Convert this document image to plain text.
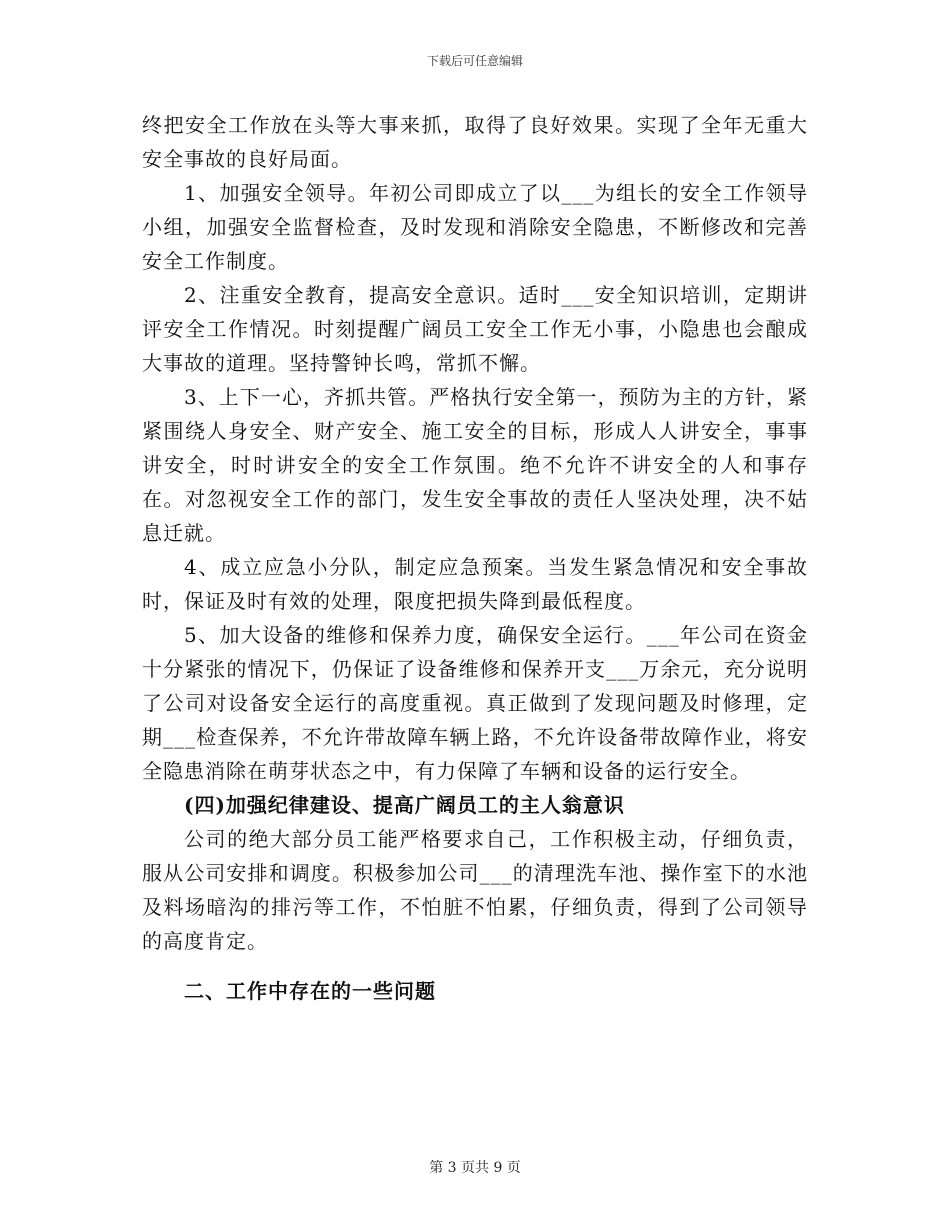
下载后可任意编辑

终把安全工作放在头等大事来抓，取得了良好效果。实现了全年无重大安全事故的良好局面。

1、加强安全领导。年初公司即成立了以___为组长的安全工作领导小组，加强安全监督检查，及时发现和消除安全隐患，不断修改和完善安全工作制度。

2、注重安全教育，提高安全意识。适时___安全知识培训，定期讲评安全工作情况。时刻提醒广阔员工安全工作无小事，小隐患也会酿成大事故的道理。坚持警钟长鸣，常抓不懈。

3、上下一心，齐抓共管。严格执行安全第一，预防为主的方针，紧紧围绕人身安全、财产安全、施工安全的目标，形成人人讲安全，事事讲安全，时时讲安全的安全工作氛围。绝不允许不讲安全的人和事存在。对忽视安全工作的部门，发生安全事故的责任人坚决处理，决不姑息迁就。

4、成立应急小分队，制定应急预案。当发生紧急情况和安全事故时，保证及时有效的处理，限度把损失降到最低程度。

5、加大设备的维修和保养力度，确保安全运行。___年公司在资金十分紧张的情况下，仍保证了设备维修和保养开支___万余元，充分说明了公司对设备安全运行的高度重视。真正做到了发现问题及时修理，定期___检查保养，不允许带故障车辆上路，不允许设备带故障作业，将安全隐患消除在萌芽状态之中，有力保障了车辆和设备的运行安全。

(四)加强纪律建设、提高广阔员工的主人翁意识

公司的绝大部分员工能严格要求自己，工作积极主动，仔细负责，服从公司安排和调度。积极参加公司___的清理洗车池、操作室下的水池及料场暗沟的排污等工作，不怕脏不怕累，仔细负责，得到了公司领导的高度肯定。

二、工作中存在的一些问题

第 3 页共 9 页
